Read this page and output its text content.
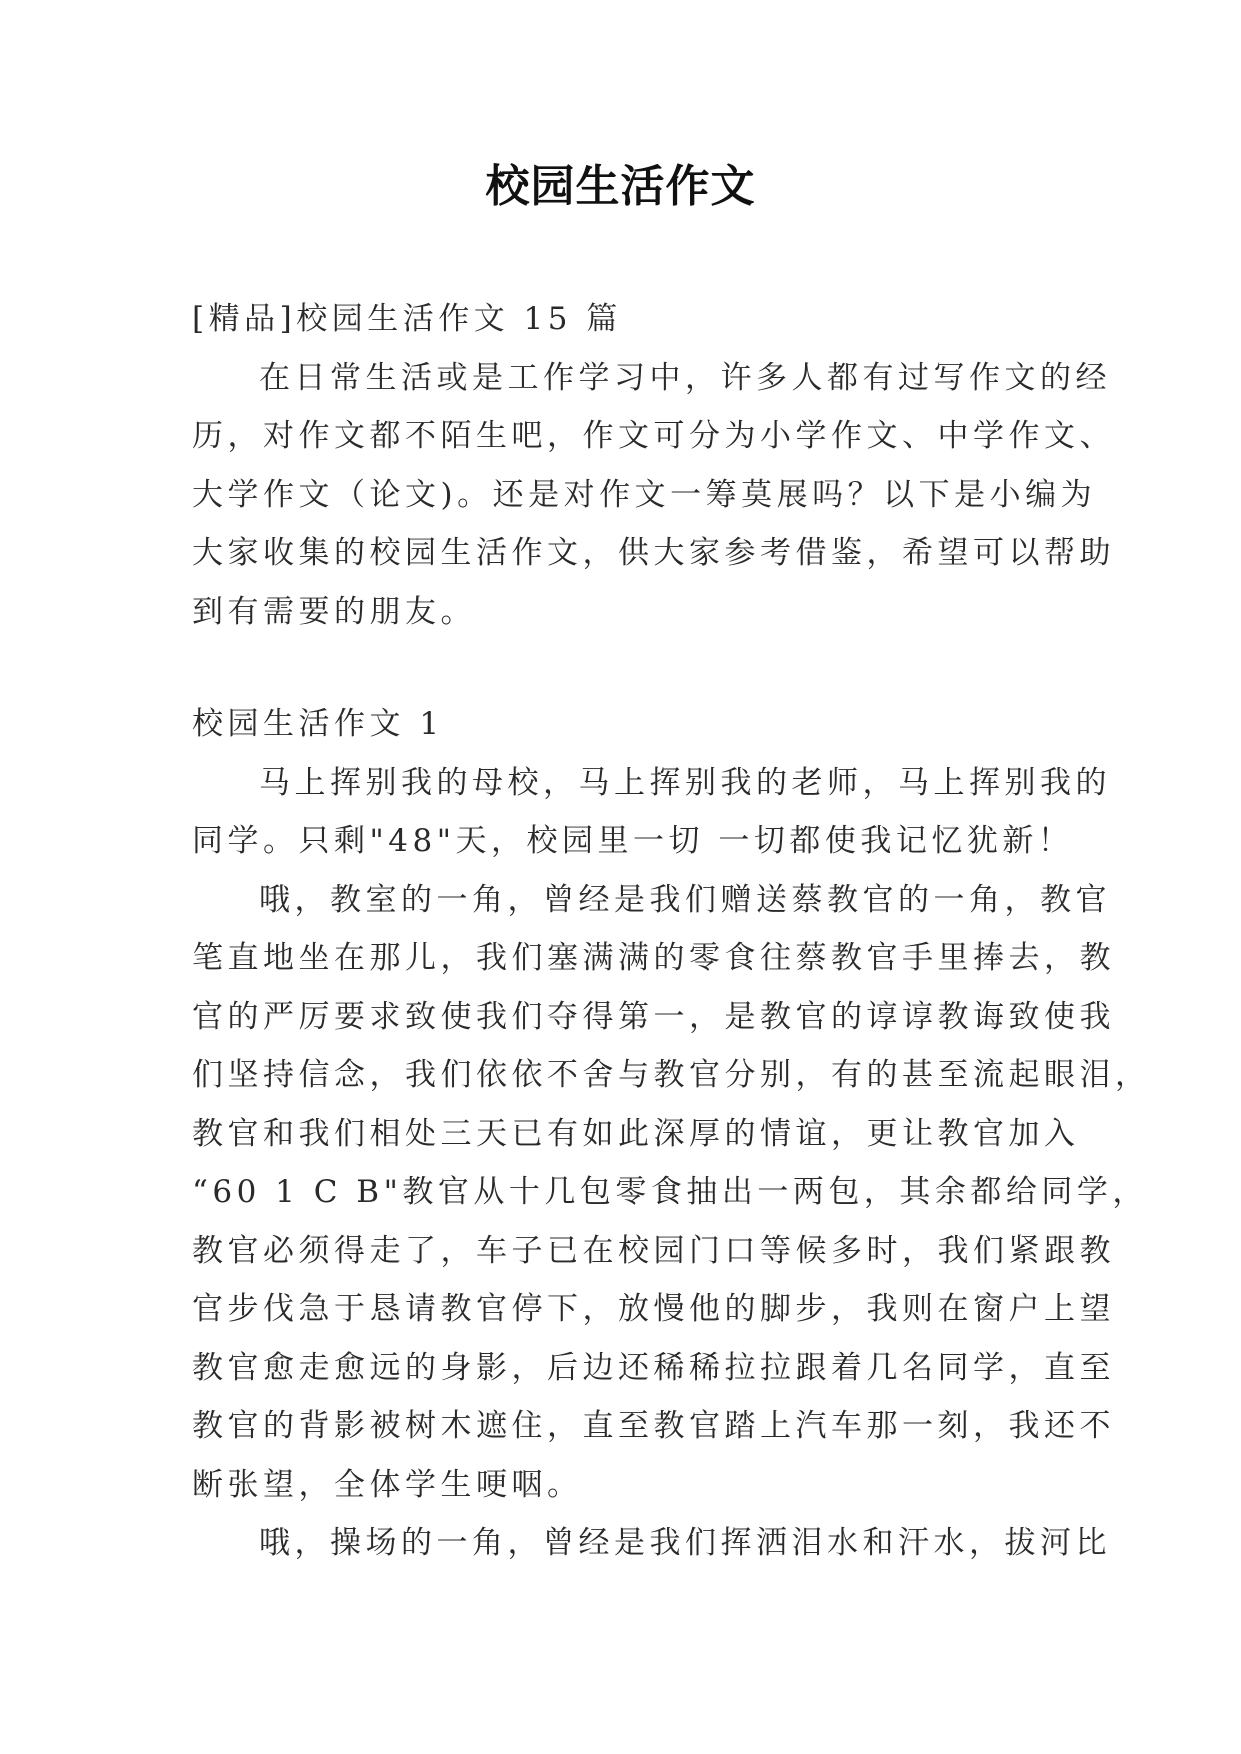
校园生活作文
[精品]校园生活作文 15 篇
在日常生活或是工作学习中，许多人都有过写作文的经
历，对作文都不陌生吧，作文可分为小学作文、中学作文、
大学作文（论文)。还是对作文一筹莫展吗？以下是小编为
大家收集的校园生活作文，供大家参考借鉴，希望可以帮助
到有需要的朋友。
校园生活作文 1
马上挥别我的母校，马上挥别我的老师，马上挥别我的
同学。只剩"48"天，校园里一切 一切都使我记忆犹新！
哦，教室的一角，曾经是我们赠送蔡教官的一角，教官
笔直地坐在那儿，我们塞满满的零食往蔡教官手里捧去，教
官的严厉要求致使我们夺得第一，是教官的谆谆教诲致使我
们坚持信念，我们依依不舍与教官分别，有的甚至流起眼泪，
教官和我们相处三天已有如此深厚的情谊，更让教官加入
“60 1 C B"教官从十几包零食抽出一两包，其余都给同学，
教官必须得走了，车子已在校园门口等候多时，我们紧跟教
官步伐急于恳请教官停下，放慢他的脚步，我则在窗户上望
教官愈走愈远的身影，后边还稀稀拉拉跟着几名同学，直至
教官的背影被树木遮住，直至教官踏上汽车那一刻，我还不
断张望，全体学生哽咽。
哦，操场的一角，曾经是我们挥洒泪水和汗水，拔河比
